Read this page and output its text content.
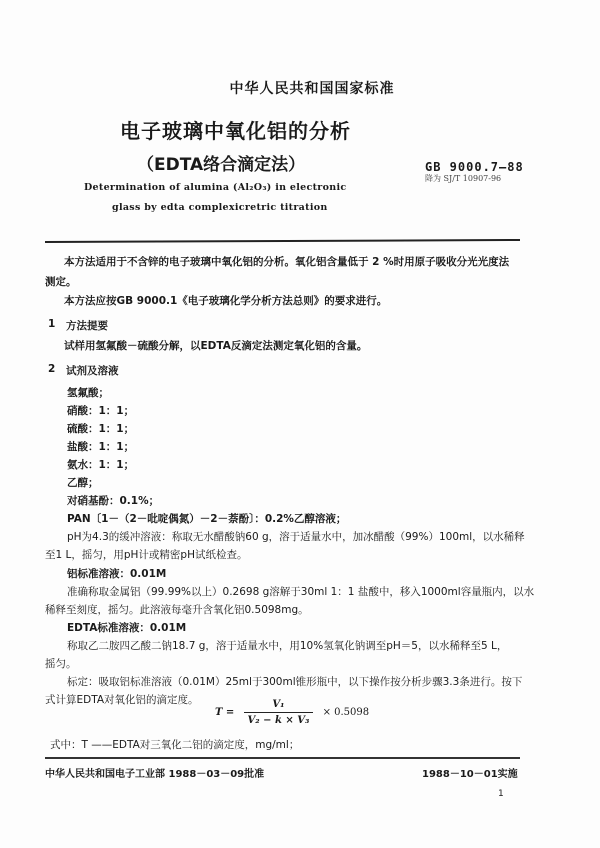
中华人民共和国国家标准
电子玻璃中氧化铝的分析
（EDTA络合滴定法）	GB 9000.7—88
降为 SJ/T 10907-96
Determination of alumina (Al₂O₃) in electronic
glass by edta complexicretric titration
本方法适用于不含锌的电子玻璃中氧化铝的分析。氧化铝含量低于 2 %时用原子吸收分光光度法
测定。
本方法应按GB 9000.1《电子玻璃化学分析方法总则》的要求进行。
1 方法提要
试样用氢氟酸－硫酸分解，以EDTA反滴定法测定氧化铝的含量。
2 试剂及溶液
氢氟酸；
硝酸：1：1；
硫酸：1：1；
盐酸：1：1；
氨水：1：1；
乙醇；
对硝基酚：0.1%；
PAN〔1－（2－吡啶偶氮）－2－萘酚〕：0.2%乙醇溶液；
pH为4.3的缓冲溶液：称取无水醋酸钠60 g，溶于适量水中，加冰醋酸（99%）100ml，以水稀释
至1 L，摇匀，用pH计或精密pH试纸检查。
铝标准溶液：0.01M
准确称取金属铝（99.99%以上）0.2698 g溶解于30ml 1：1 盐酸中，移入1000ml容量瓶内，以水
稀释至刻度，摇匀。此溶液每毫升含氧化铝0.5098mg。
EDTA标准溶液：0.01M
称取乙二胺四乙酸二钠18.7 g，溶于适量水中，用10%氢氧化钠调至pH＝5，以水稀释至5 L，
摇匀。
标定：吸取铝标准溶液（0.01M）25ml于300ml锥形瓶中，以下操作按分析步骤3.3条进行。按下
式计算EDTA对氧化铝的滴定度。
$T = \frac{\text{V₁}}{\text{V₂ − k × V₃}} \times 0.5098$
式中：T ——EDTA对三氧化二铝的滴定度，mg/ml；
中华人民共和国电子工业部 1988－03－09批准	1988－10－01实施
1
